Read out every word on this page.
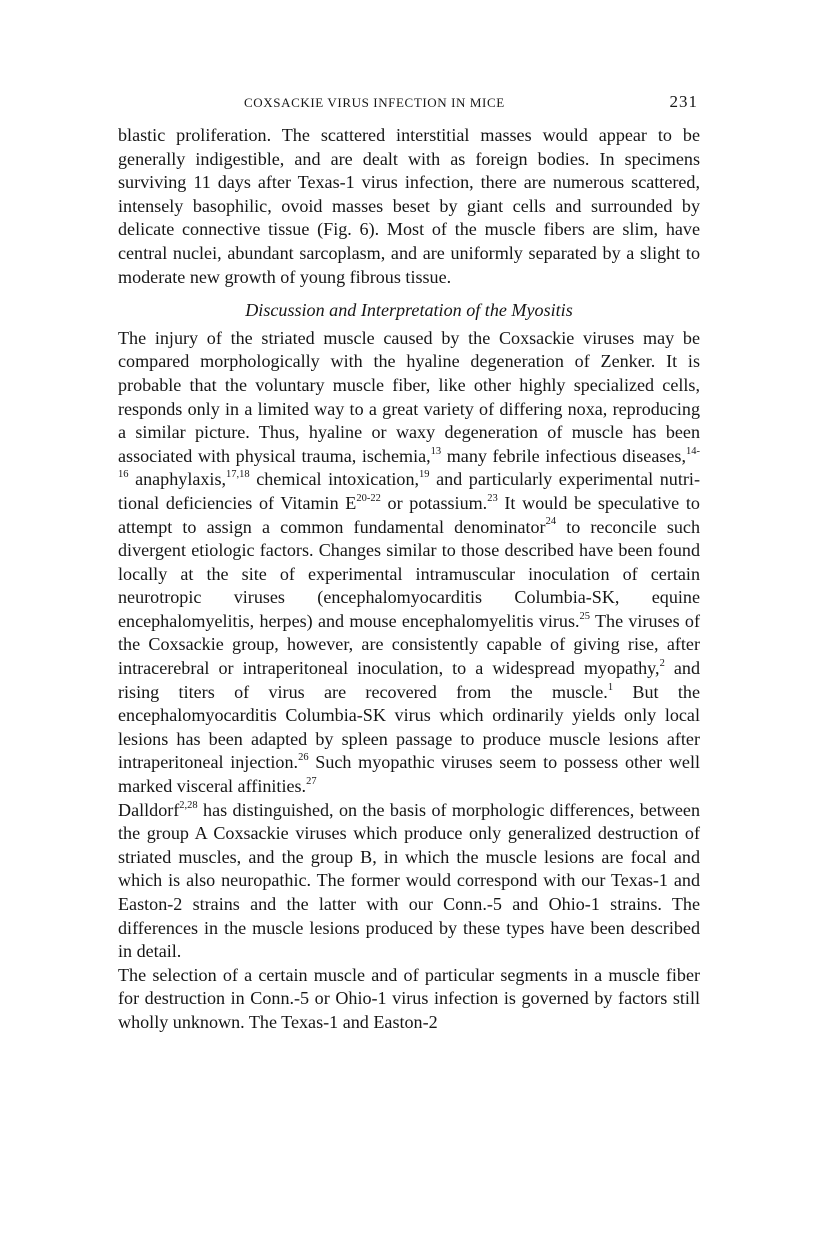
COXSACKIE VIRUS INFECTION IN MICE	231

blastic proliferation. The scattered interstitial masses would appear to be generally indigestible, and are dealt with as foreign bodies. In specimens surviving 11 days after Texas-1 virus infection, there are numerous scattered, intensely basophilic, ovoid masses beset by giant cells and surrounded by delicate connective tissue (Fig. 6). Most of the muscle fibers are slim, have central nuclei, abundant sarcoplasm, and are uniformly separated by a slight to moderate new growth of young fibrous tissue.

Discussion and Interpretation of the Myositis

The injury of the striated muscle caused by the Coxsackie viruses may be compared morphologically with the hyaline degeneration of Zenker. It is probable that the voluntary muscle fiber, like other highly specialized cells, responds only in a limited way to a great variety of differing noxa, reproducing a similar picture. Thus, hyaline or waxy degeneration of muscle has been associated with physical trauma, ischemia,$^{13}$ many febrile infectious diseases,$^{14-16}$ anaphylaxis,$^{17,18}$ chemical intoxication,$^{19}$ and particularly experimental nutritional deficiencies of Vitamin $E^{20-22}$ or potassium.$^{23}$ It would be speculative to attempt to assign a common fundamental denominator$^{24}$ to reconcile such divergent etiologic factors. Changes similar to those described have been found locally at the site of experimental intramuscular inoculation of certain neurotropic viruses (encephalomyocarditis Columbia-SK, equine encephalomyelitis, herpes) and mouse encephalomyelitis virus.$^{25}$ The viruses of the Coxsackie group, however, are consistently capable of giving rise, after intracerebral or intraperitoneal inoculation, to a widespread myopathy,$^2$ and rising titers of virus are recovered from the muscle.$^1$ But the encephalomyocarditis Columbia-SK virus which ordinarily yields only local lesions has been adapted by spleen passage to produce muscle lesions after intraperitoneal injection.$^{26}$ Such myopathic viruses seem to possess other well marked visceral affinities.$^{27}$

Dalldorf$^{2,28}$ has distinguished, on the basis of morphologic differences, between the group A Coxsackie viruses which produce only generalized destruction of striated muscles, and the group B, in which the muscle lesions are focal and which is also neuropathic. The former would correspond with our Texas-1 and Easton-2 strains and the latter with our Conn.-5 and Ohio-1 strains. The differences in the muscle lesions produced by these types have been described in detail.

The selection of a certain muscle and of particular segments in a muscle fiber for destruction in Conn.-5 or Ohio-1 virus infection is governed by factors still wholly unknown. The Texas-1 and Easton-2
